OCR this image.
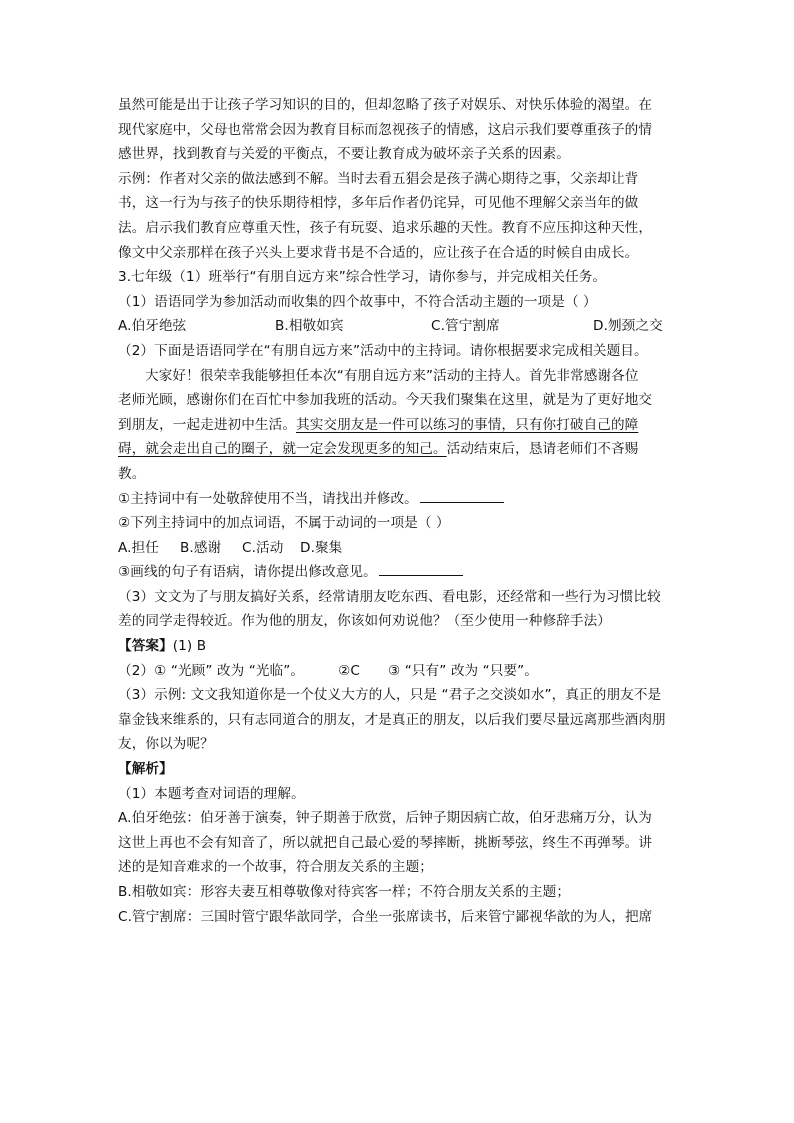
虽然可能是出于让孩子学习知识的目的，但却忽略了孩子对娱乐、对快乐体验的渴望。在
现代家庭中，父母也常常会因为教育目标而忽视孩子的情感，这启示我们要尊重孩子的情
感世界，找到教育与关爱的平衡点，不要让教育成为破坏亲子关系的因素。
示例：作者对父亲的做法感到不解。当时去看五猖会是孩子满心期待之事，父亲却让背
书，这一行为与孩子的快乐期待相悖，多年后作者仍诧异，可见他不理解父亲当年的做
法。启示我们教育应尊重天性，孩子有玩耍、追求乐趣的天性。教育不应压抑这种天性，
像文中父亲那样在孩子兴头上要求背书是不合适的，应让孩子在合适的时候自由成长。
3.七年级（1）班举行“有朋自远方来”综合性学习，请你参与，并完成相关任务。
（1）语语同学为参加活动而收集的四个故事中，不符合活动主题的一项是（ ）
A.伯牙绝弦	B.相敬如宾	C.管宁割席	D.刎颈之交
（2）下面是语语同学在“有朋自远方来”活动中的主持词。请你根据要求完成相关题目。
大家好！很荣幸我能够担任本次“有朋自远方来”活动的主持人。首先非常感谢各位
老师光顾，感谢你们在百忙中参加我班的活动。今天我们聚集在这里，就是为了更好地交
到朋友，一起走进初中生活。其实交朋友是一件可以练习的事情，只有你打破自己的障
碍，就会走出自己的圈子，就一定会发现更多的知己。活动结束后，恳请老师们不吝赐
教。
①主持词中有一处敬辞使用不当，请找出并修改。
②下列主持词中的加点词语，不属于动词的一项是（ ）
A.担任	B.感谢	C.活动	D.聚集
③画线的句子有语病，请你提出修改意见。
（3）文文为了与朋友搞好关系，经常请朋友吃东西、看电影，还经常和一些行为习惯比较
差的同学走得较近。作为他的朋友，你该如何劝说他？（至少使用一种修辞手法）
【答案】(1) B
（2）① “光顾” 改为 “光临”。	②C ③ “只有” 改为 “只要”。
（3）示例: 文文我知道你是一个仗义大方的人，只是 “君子之交淡如水”，真正的朋友不是
靠金钱来维系的，只有志同道合的朋友，才是真正的朋友，以后我们要尽量远离那些酒肉朋
友，你以为呢？
【解析】
（1）本题考查对词语的理解。
A.伯牙绝弦：伯牙善于演奏，钟子期善于欣赏，后钟子期因病亡故，伯牙悲痛万分，认为
这世上再也不会有知音了，所以就把自己最心爱的琴摔断，挑断琴弦，终生不再弹琴。讲
述的是知音难求的一个故事，符合朋友关系的主题；
B.相敬如宾：形容夫妻互相尊敬像对待宾客一样；不符合朋友关系的主题；
C.管宁割席：三国时管宁跟华歆同学，合坐一张席读书，后来管宁鄙视华歆的为人，把席
